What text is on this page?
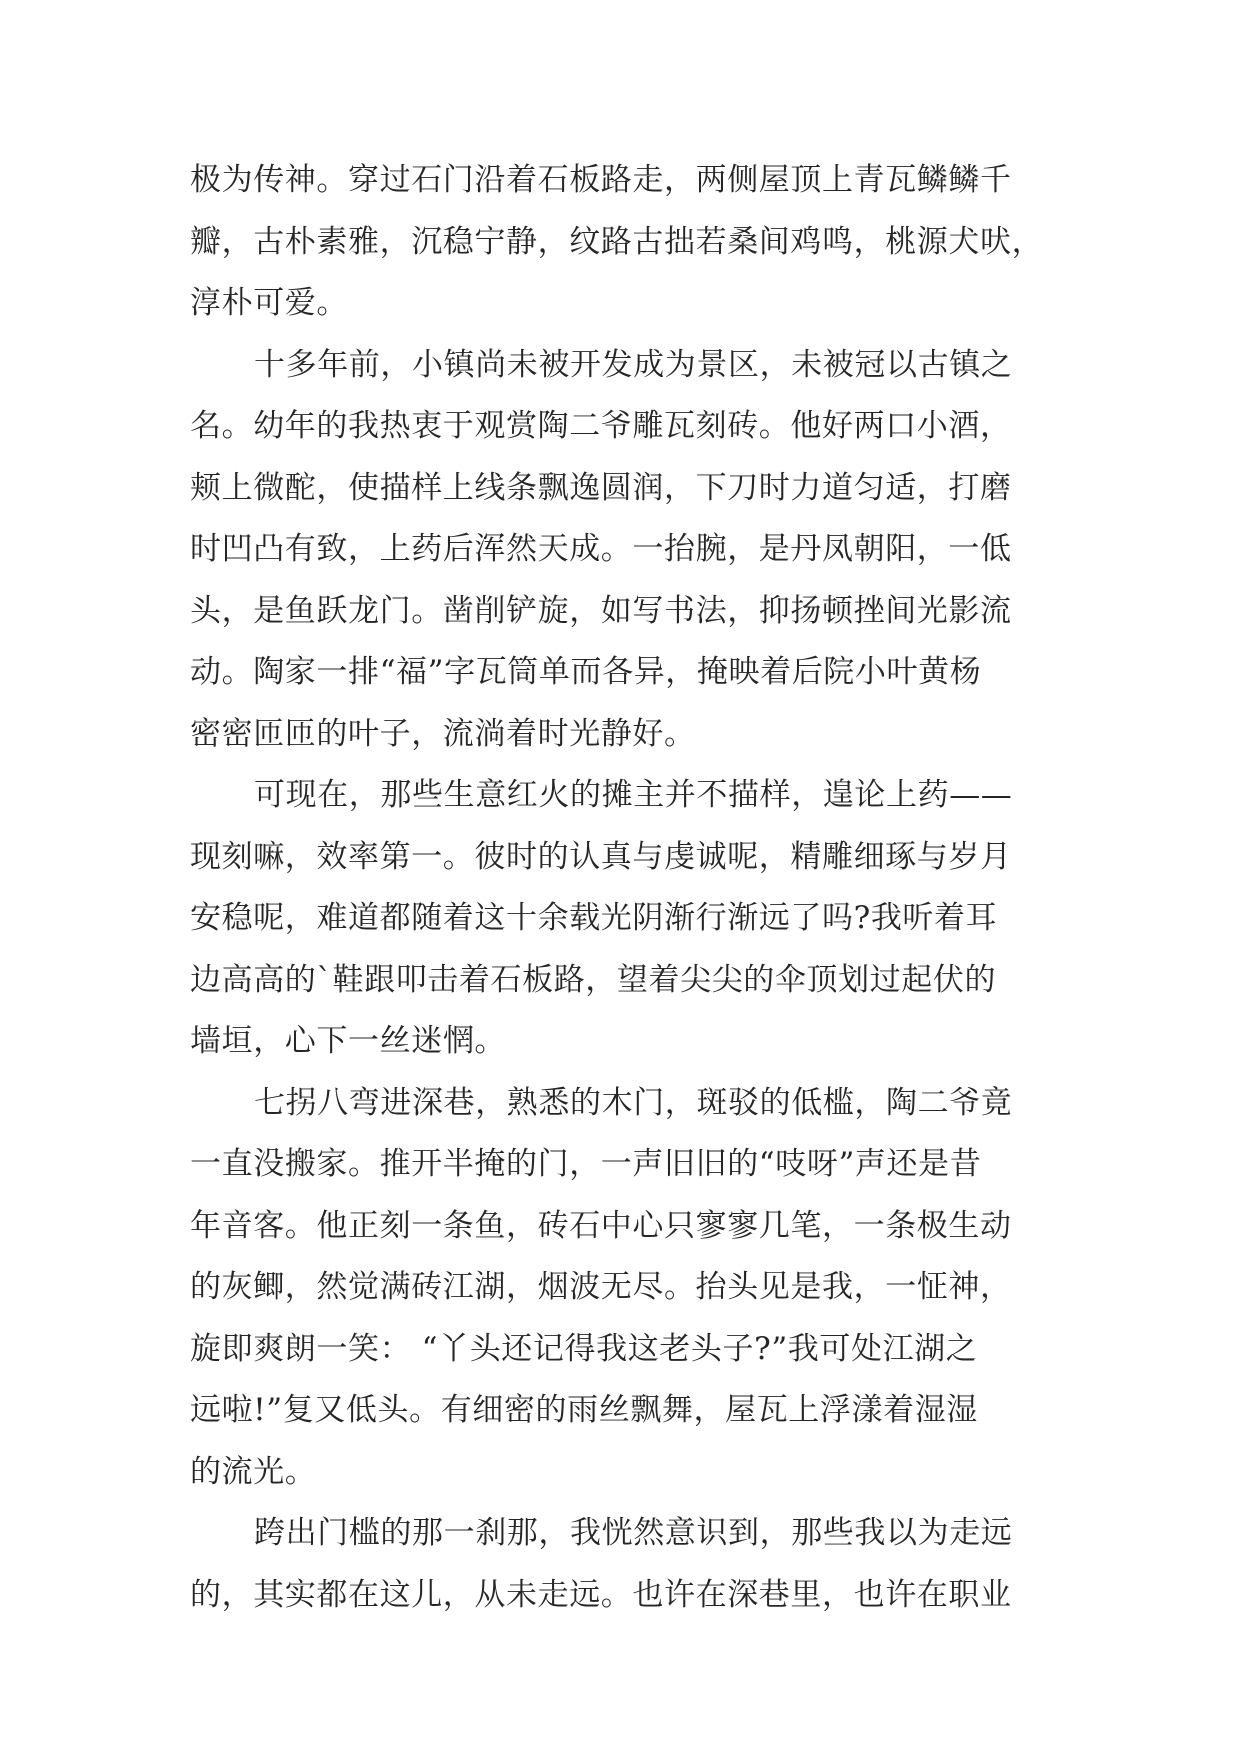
极为传神。穿过石门沿着石板路走，两侧屋顶上青瓦鳞鳞千
瓣，古朴素雅，沉稳宁静，纹路古拙若桑间鸡鸣，桃源犬吠，
淳朴可爱。
十多年前，小镇尚未被开发成为景区，未被冠以古镇之
名。幼年的我热衷于观赏陶二爷雕瓦刻砖。他好两口小酒，
颊上微酡，使描样上线条飘逸圆润，下刀时力道匀适，打磨
时凹凸有致，上药后浑然天成。一抬腕，是丹凤朝阳，一低
头，是鱼跃龙门。凿削铲旋，如写书法，抑扬顿挫间光影流
动。陶家一排“福”字瓦筒单而各异，掩映着后院小叶黄杨
密密匝匝的叶子，流淌着时光静好。
可现在，那些生意红火的摊主并不描样，遑论上药——
现刻嘛，效率第一。彼时的认真与虔诚呢，精雕细琢与岁月
安稳呢，难道都随着这十余载光阴渐行渐远了吗?我听着耳
边高高的`鞋跟叩击着石板路，望着尖尖的伞顶划过起伏的
墙垣，心下一丝迷惘。
七拐八弯进深巷，熟悉的木门，斑驳的低槛，陶二爷竟
一直没搬家。推开半掩的门，一声旧旧的“吱呀”声还是昔
年音客。他正刻一条鱼，砖石中心只寥寥几笔，一条极生动
的灰鲫，然觉满砖江湖，烟波无尽。抬头见是我，一怔神，
旋即爽朗一笑： “丫头还记得我这老头子?”我可处江湖之
远啦!”复又低头。有细密的雨丝飘舞，屋瓦上浮漾着湿湿
的流光。
跨出门槛的那一刹那，我恍然意识到，那些我以为走远
的，其实都在这儿，从未走远。也许在深巷里，也许在职业
